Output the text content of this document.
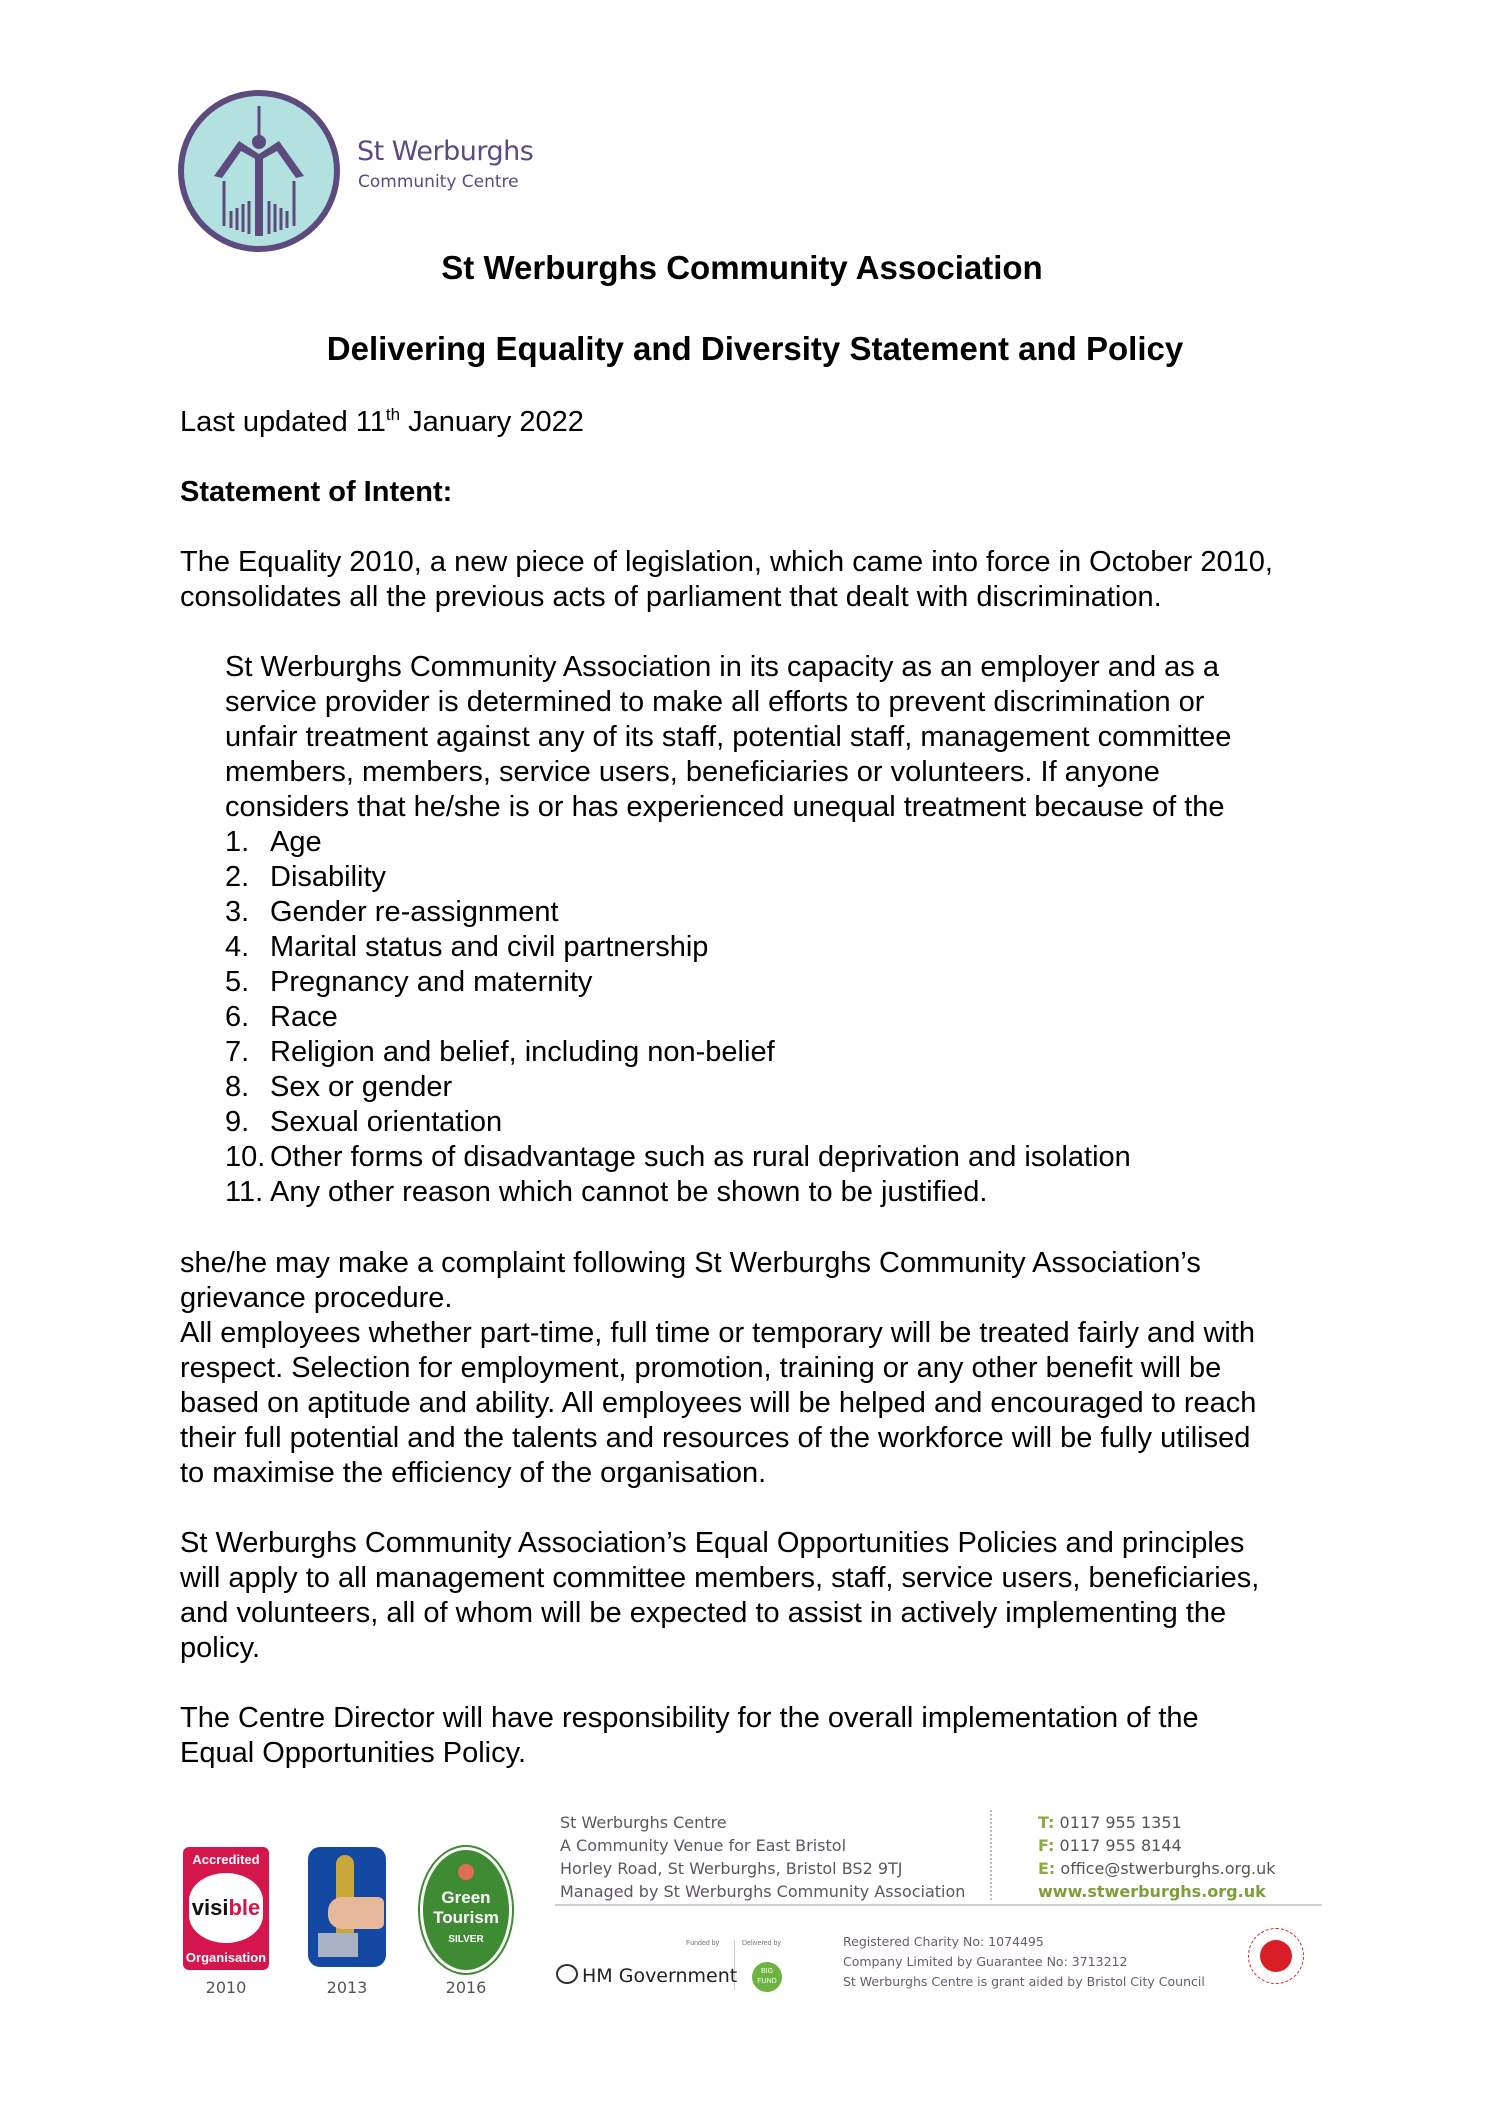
St Werburghs
Community Centre
St Werburghs Community Association
Delivering Equality and Diversity Statement and Policy
Last updated 11th January 2022
Statement of Intent:
The Equality 2010, a new piece of legislation, which came into force in October 2010,
consolidates all the previous acts of parliament that dealt with discrimination.
St Werburghs Community Association in its capacity as an employer and as a
service provider is determined to make all efforts to prevent discrimination or
unfair treatment against any of its staff, potential staff, management committee
members, members, service users, beneficiaries or volunteers. If anyone
considers that he/she is or has experienced unequal treatment because of the
1. Age
2. Disability
3. Gender re-assignment
4. Marital status and civil partnership
5. Pregnancy and maternity
6. Race
7. Religion and belief, including non-belief
8. Sex or gender
9. Sexual orientation
10. Other forms of disadvantage such as rural deprivation and isolation
11. Any other reason which cannot be shown to be justified.
she/he may make a complaint following St Werburghs Community Association’s
grievance procedure.
All employees whether part-time, full time or temporary will be treated fairly and with
respect. Selection for employment, promotion, training or any other benefit will be
based on aptitude and ability. All employees will be helped and encouraged to reach
their full potential and the talents and resources of the workforce will be fully utilised
to maximise the efficiency of the organisation.
St Werburghs Community Association’s Equal Opportunities Policies and principles
will apply to all management committee members, staff, service users, beneficiaries,
and volunteers, all of whom will be expected to assist in actively implementing the
policy.
The Centre Director will have responsibility for the overall implementation of the
Equal Opportunities Policy.
Accredited
visible
Organisation
Green
Tourism
SILVER
2010	2013	2016
St Werburghs Centre
A Community Venue for East Bristol
Horley Road, St Werburghs, Bristol BS2 9TJ
Managed by St Werburghs Community Association
T: 0117 955 1351
F: 0117 955 8144
E: office@stwerburghs.org.uk
www.stwerburghs.org.uk
Funded by	Delivered by
HM Government	BIG FUND
Registered Charity No: 1074495
Company Limited by Guarantee No: 3713212
St Werburghs Centre is grant aided by Bristol City Council
